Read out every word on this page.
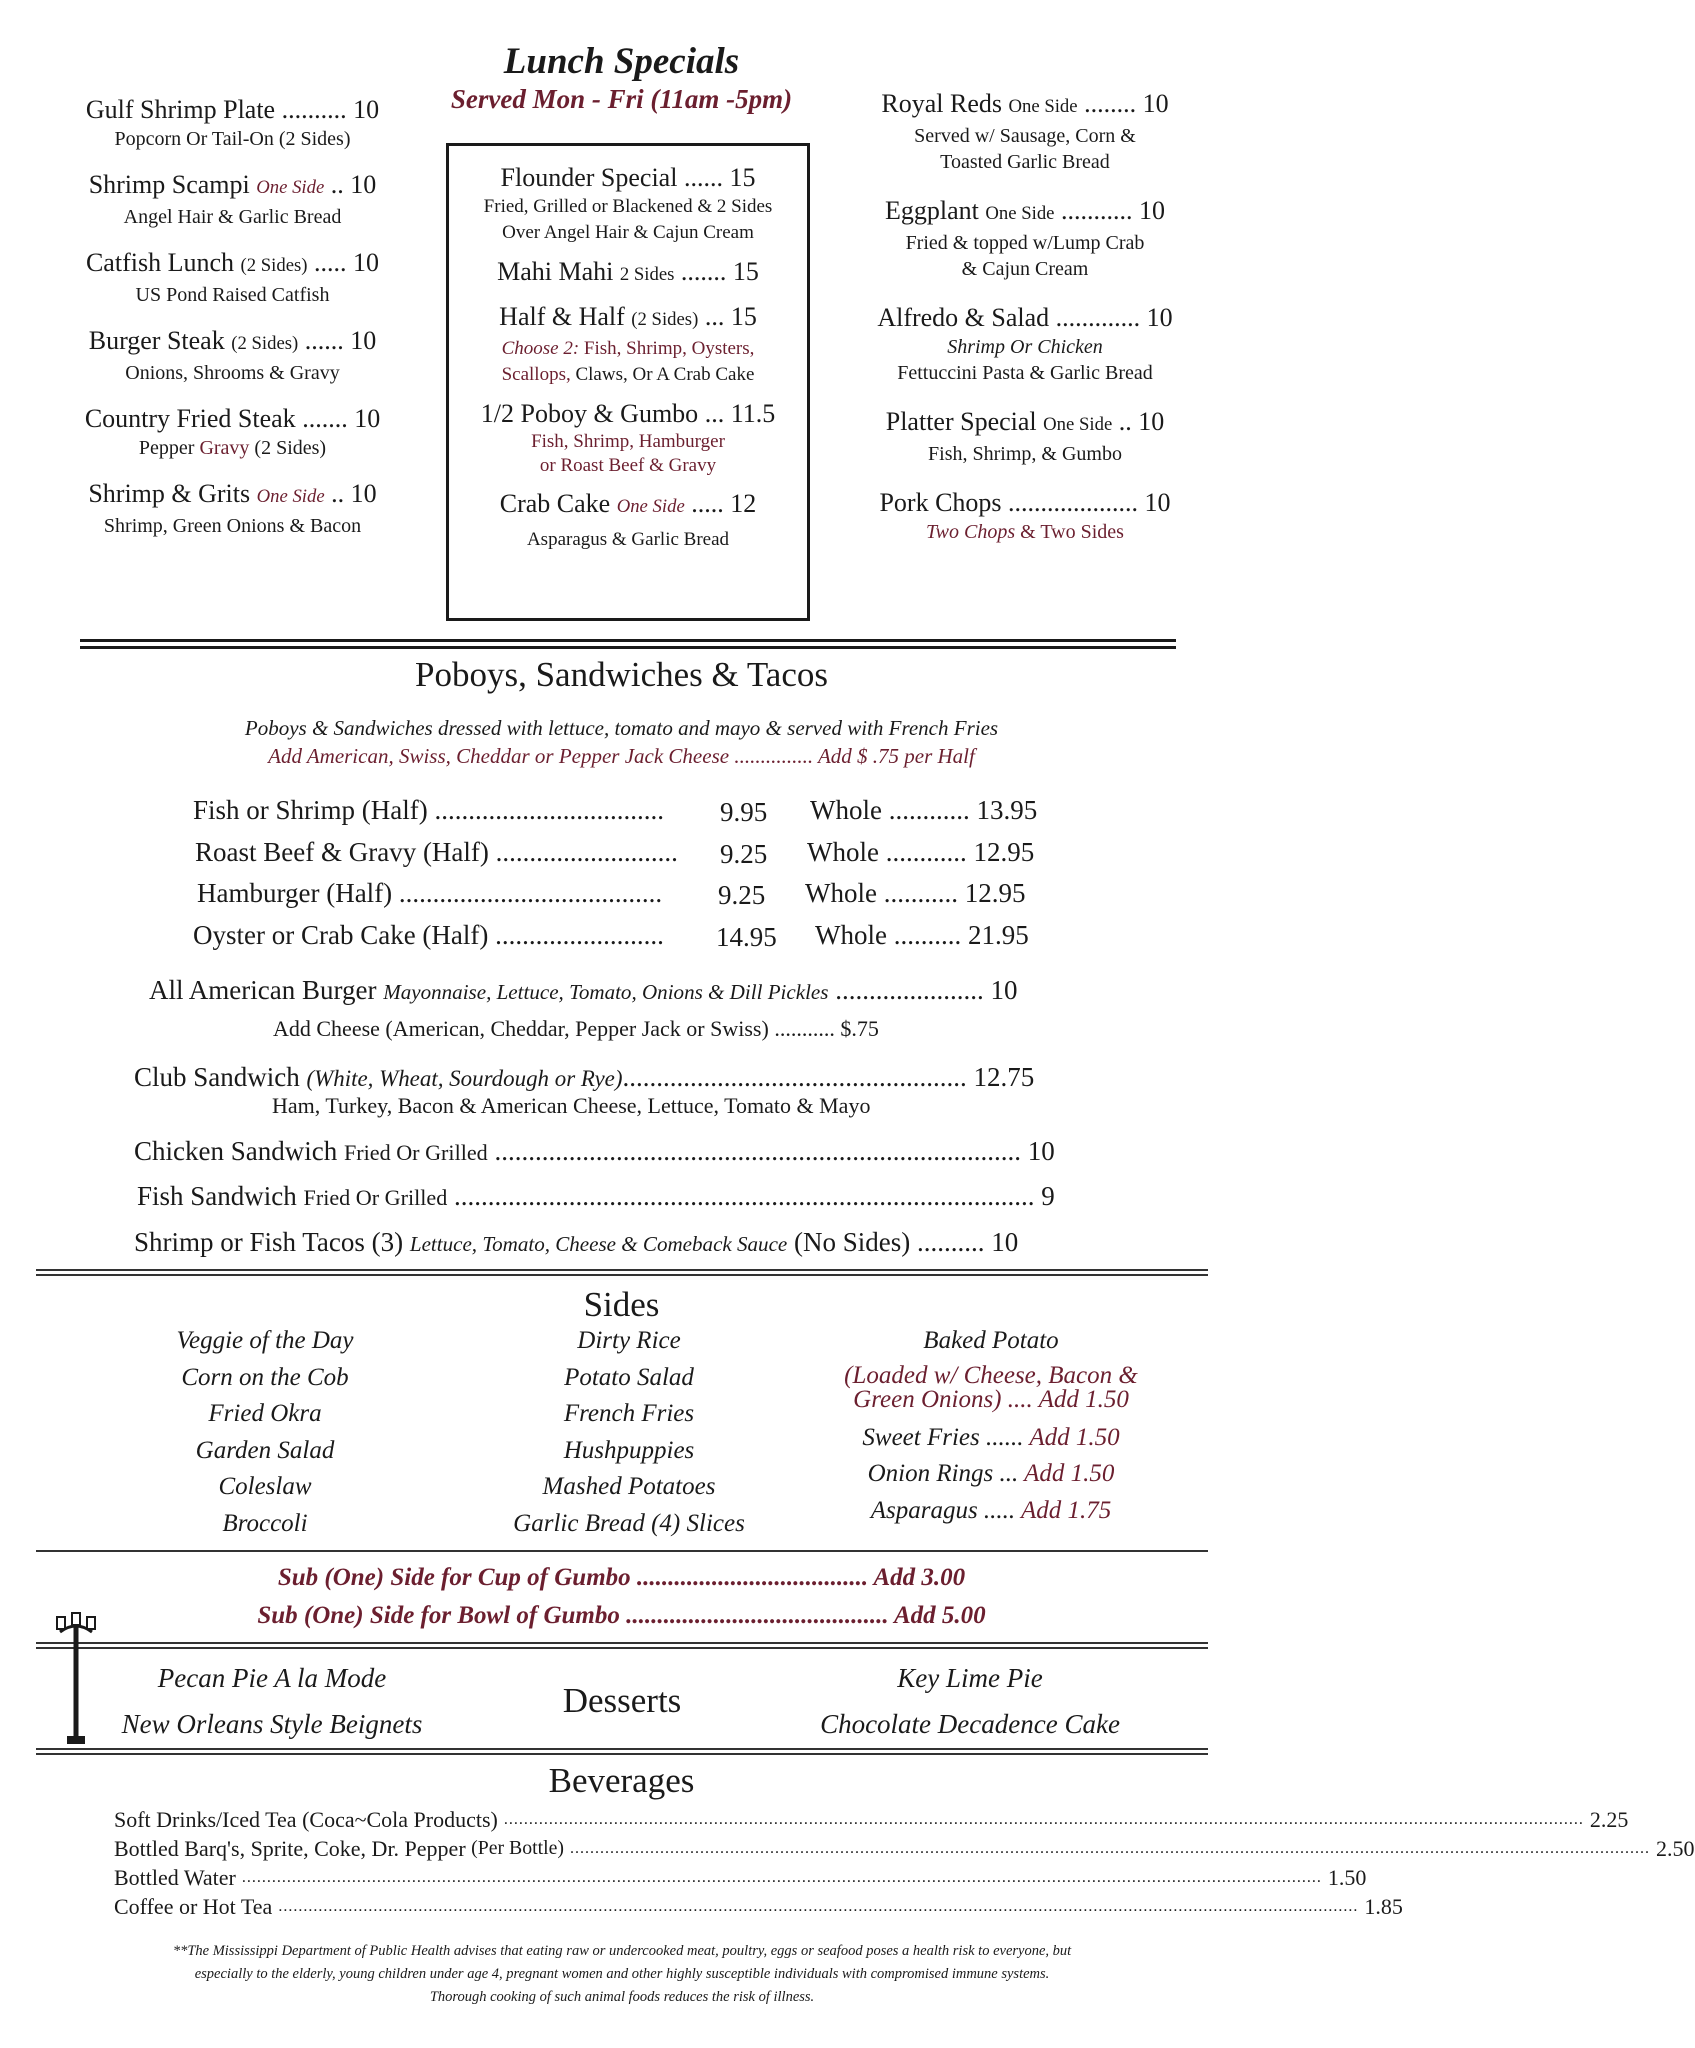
Lunch Specials
Served Mon - Fri (11am -5pm)
Gulf Shrimp Plate .......... 10
Popcorn Or Tail-On (2 Sides)
Shrimp Scampi One Side .. 10
Angel Hair & Garlic Bread
Catfish Lunch (2 Sides) ..... 10
US Pond Raised Catfish
Burger Steak (2 Sides) ...... 10
Onions, Shrooms & Gravy
Country Fried Steak ....... 10
Pepper Gravy (2 Sides)
Shrimp & Grits One Side .. 10
Shrimp, Green Onions & Bacon
Flounder Special ...... 15
Fried, Grilled or Blackened & 2 Sides
Over Angel Hair & Cajun Cream
Mahi Mahi 2 Sides ....... 15
Half & Half (2 Sides) ... 15
Choose 2: Fish, Shrimp, Oysters,
Scallops, Claws, Or A Crab Cake
1/2 Poboy & Gumbo ... 11.5
Fish, Shrimp, Hamburger
or Roast Beef & Gravy
Crab Cake One Side ..... 12
Asparagus & Garlic Bread
Royal Reds One Side ........ 10
Served w/ Sausage, Corn &
Toasted Garlic Bread
Eggplant One Side ........... 10
Fried & topped w/Lump Crab
& Cajun Cream
Alfredo & Salad ............. 10
Shrimp Or Chicken
Fettuccini Pasta & Garlic Bread
Platter Special One Side .. 10
Fish, Shrimp, & Gumbo
Pork Chops .................... 10
Two Chops & Two Sides
Poboys, Sandwiches & Tacos
Poboys & Sandwiches dressed with lettuce, tomato and mayo & served with French Fries
Add American, Swiss, Cheddar or Pepper Jack Cheese ............... Add $ .75 per Half
Fish or Shrimp (Half) .................................. 9.95 Whole ............ 13.95
Roast Beef & Gravy (Half) ........................... 9.25 Whole ............ 12.95
Hamburger (Half) ....................................... 9.25 Whole ........... 12.95
Oyster or Crab Cake (Half) ......................... 14.95 Whole .......... 21.95
All American Burger Mayonnaise, Lettuce, Tomato, Onions & Dill Pickles ...................... 10
Add Cheese (American, Cheddar, Pepper Jack or Swiss) ........... $.75
Club Sandwich (White, Wheat, Sourdough or Rye)................................................... 12.75
Ham, Turkey, Bacon & American Cheese, Lettuce, Tomato & Mayo
Chicken Sandwich Fried Or Grilled .............................................................................. 10
Fish Sandwich Fried Or Grilled ...................................................................................... 9
Shrimp or Fish Tacos (3) Lettuce, Tomato, Cheese & Comeback Sauce (No Sides) .......... 10
Sides
Veggie of the Day
Corn on the Cob
Fried Okra
Garden Salad
Coleslaw
Broccoli
Dirty Rice
Potato Salad
French Fries
Hushpuppies
Mashed Potatoes
Garlic Bread (4) Slices
Baked Potato
(Loaded w/ Cheese, Bacon &
Green Onions) .... Add 1.50
Sweet Fries ...... Add 1.50
Onion Rings ... Add 1.50
Asparagus ..... Add 1.75
Sub (One) Side for Cup of Gumbo ..................................... Add 3.00
Sub (One) Side for Bowl of Gumbo .......................................... Add 5.00
Pecan Pie A la Mode
New Orleans Style Beignets
Desserts
Key Lime Pie
Chocolate Decadence Cake
Beverages
Soft Drinks/Iced Tea (Coca~Cola Products) ........................................................................................................................................................................................................................ 2.25
Bottled Barq's, Sprite, Coke, Dr. Pepper
(Per Bottle) ........................................................................................................................................................................................................................ 2.50
Bottled Water ........................................................................................................................................................................................................................ 1.50
Coffee or Hot Tea ........................................................................................................................................................................................................................ 1.85
**The Mississippi Department of Public Health advises that eating raw or undercooked meat, poultry, eggs or seafood poses a health risk to everyone, but
especially to the elderly, young children under age 4, pregnant women and other highly susceptible individuals with compromised immune systems.
Thorough cooking of such animal foods reduces the risk of illness.
